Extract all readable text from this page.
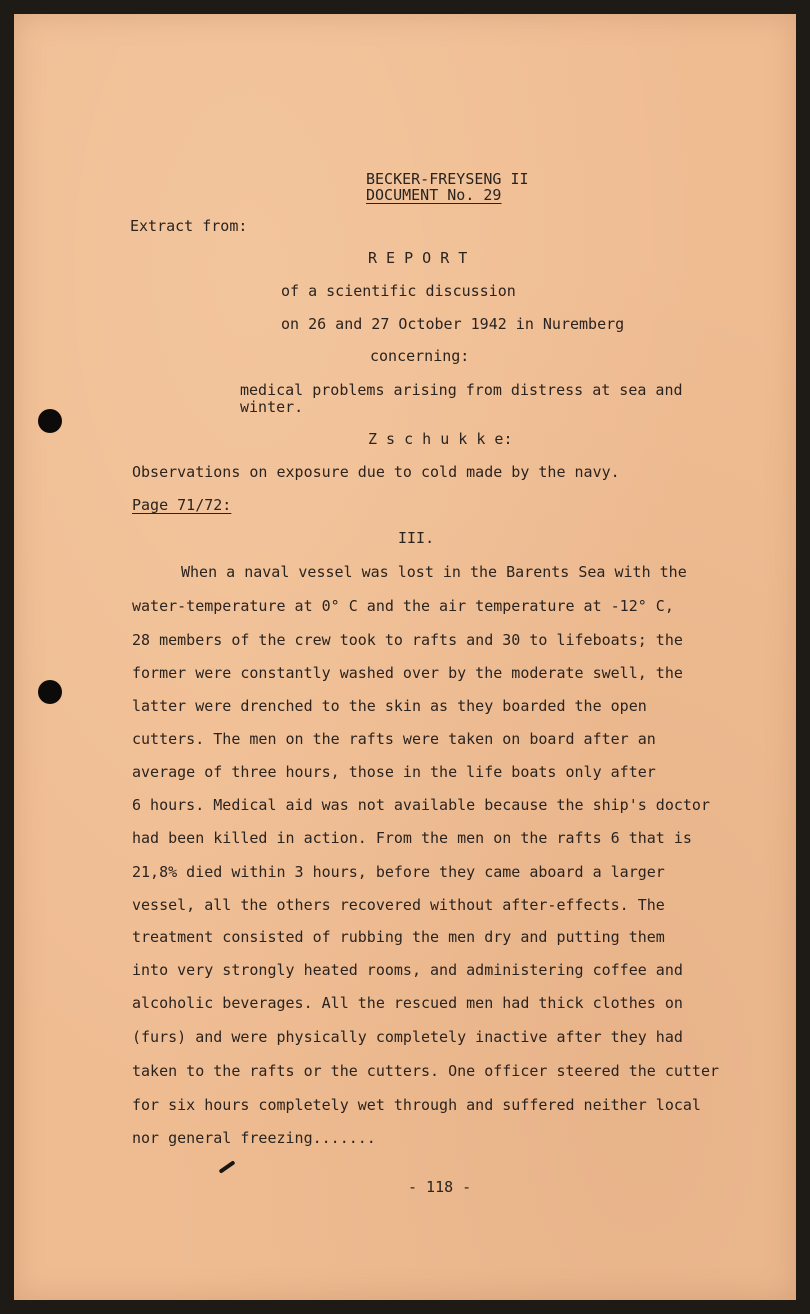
BECKER-FREYSENG II
DOCUMENT No. 29
Extract from:
R E P O R T
of a scientific discussion
on 26 and 27 October 1942 in Nuremberg
concerning:
medical problems arising from distress at sea and
winter.
Z s c h u k k e:
Observations on exposure due to cold made by the navy.
Page 71/72:
III.
When a naval vessel was lost in the Barents Sea with the
water-temperature at 0° C and the air temperature at -12° C,
28 members of the crew took to rafts and 30 to lifeboats; the
former were constantly washed over by the moderate swell, the
latter were drenched to the skin as they boarded the open
cutters. The men on the rafts were taken on board after an
average of three hours, those in the life boats only after
6 hours. Medical aid was not available because the ship's doctor
had been killed in action. From the men on the rafts 6 that is
21,8% died within 3 hours, before they came aboard a larger
vessel, all the others recovered without after-effects. The
treatment consisted of rubbing the men dry and putting them
into very strongly heated rooms, and administering coffee and
alcoholic beverages. All the rescued men had thick clothes on
(furs) and were physically completely inactive after they had
taken to the rafts or the cutters. One officer steered the cutter
for six hours completely wet through and suffered neither local
nor general freezing.......
- 118 -
